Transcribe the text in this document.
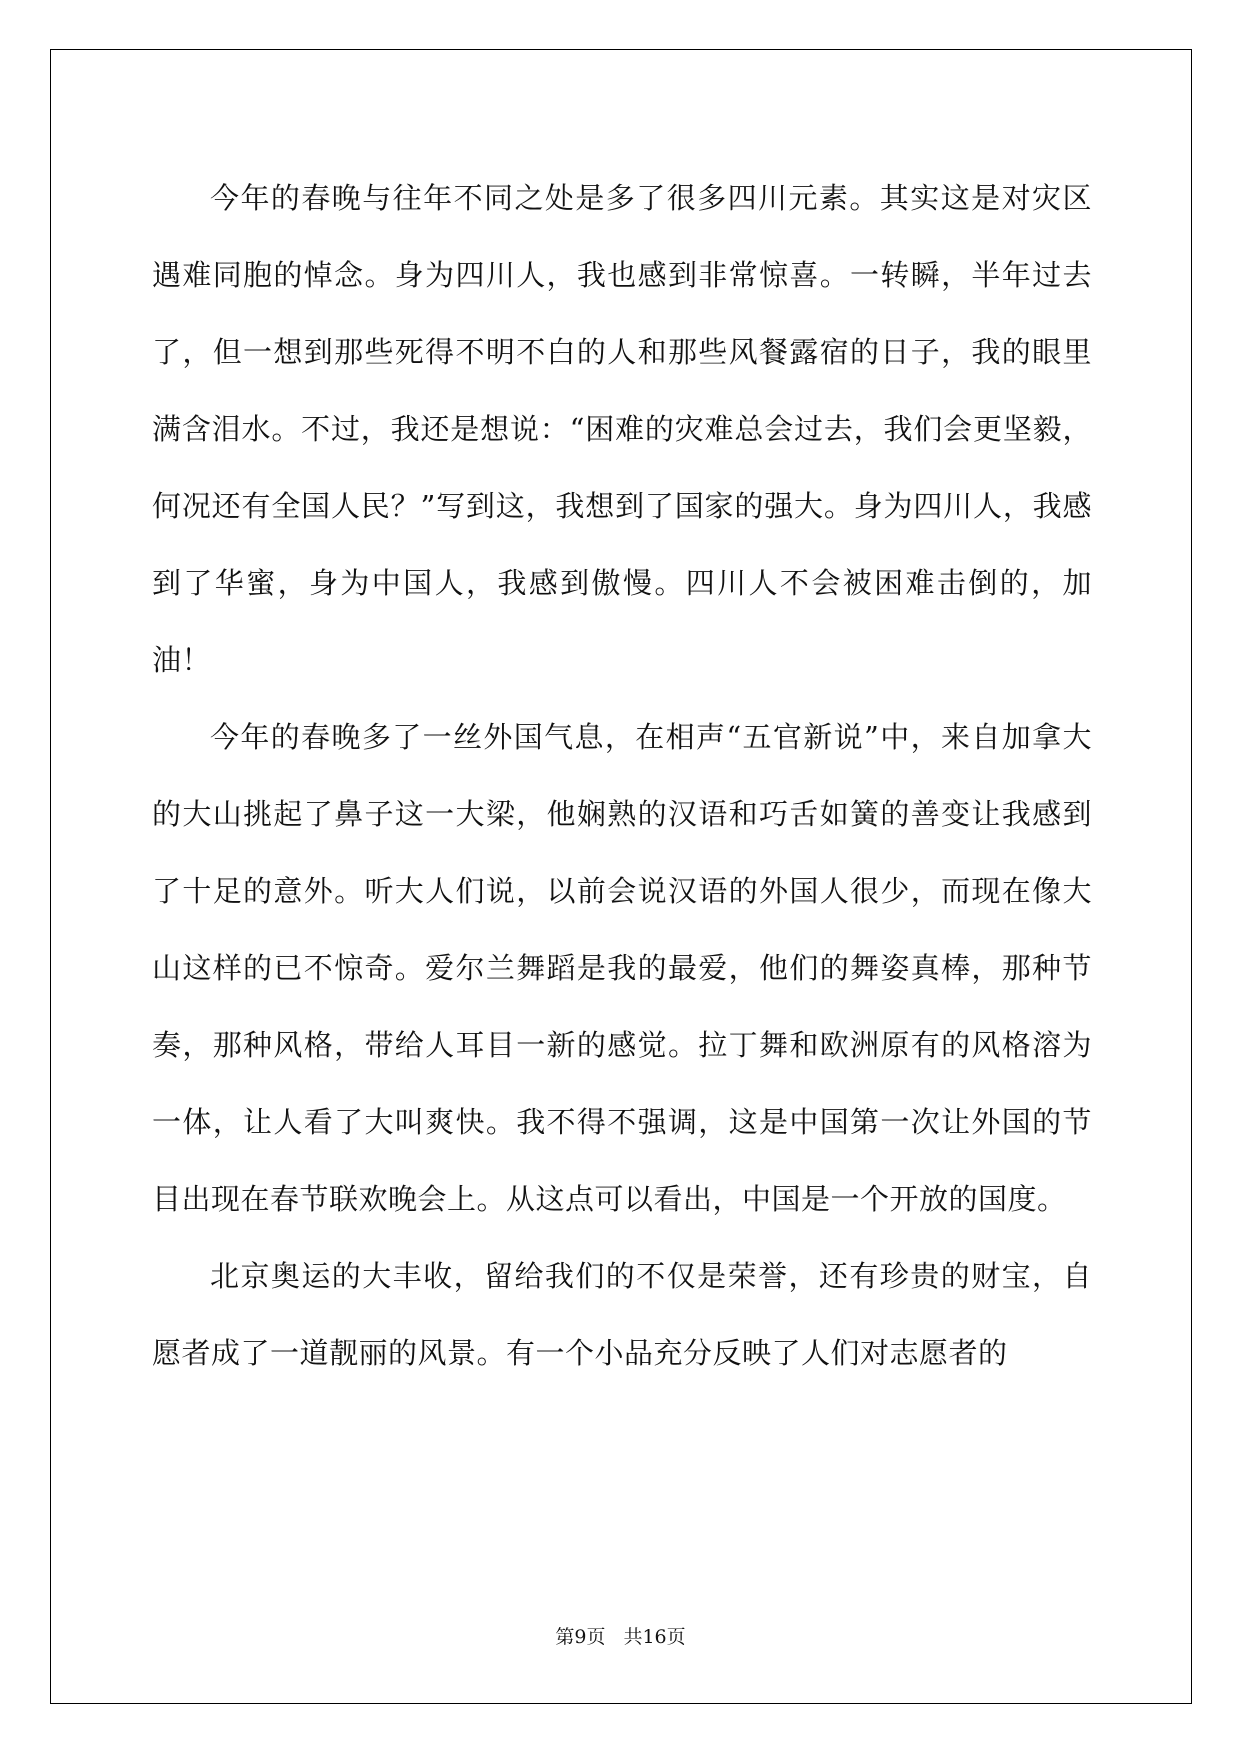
今年的春晚与往年不同之处是多了很多四川元素。其实这是对灾区遇难同胞的悼念。身为四川人，我也感到非常惊喜。一转瞬，半年过去了，但一想到那些死得不明不白的人和那些风餐露宿的日子，我的眼里满含泪水。不过，我还是想说：“困难的灾难总会过去，我们会更坚毅，何况还有全国人民？”写到这，我想到了国家的强大。身为四川人，我感到了华蜜，身为中国人，我感到傲慢。四川人不会被困难击倒的，加油！

今年的春晚多了一丝外国气息，在相声“五官新说”中，来自加拿大的大山挑起了鼻子这一大梁，他娴熟的汉语和巧舌如簧的善变让我感到了十足的意外。听大人们说，以前会说汉语的外国人很少，而现在像大山这样的已不惊奇。爱尔兰舞蹈是我的最爱，他们的舞姿真棒，那种节奏，那种风格，带给人耳目一新的感觉。拉丁舞和欧洲原有的风格溶为一体，让人看了大叫爽快。我不得不强调，这是中国第一次让外国的节目出现在春节联欢晚会上。从这点可以看出，中国是一个开放的国度。

北京奥运的大丰收，留给我们的不仅是荣誉，还有珍贵的财宝，自愿者成了一道靓丽的风景。有一个小品充分反映了人们对志愿者的

第9页 共16页
